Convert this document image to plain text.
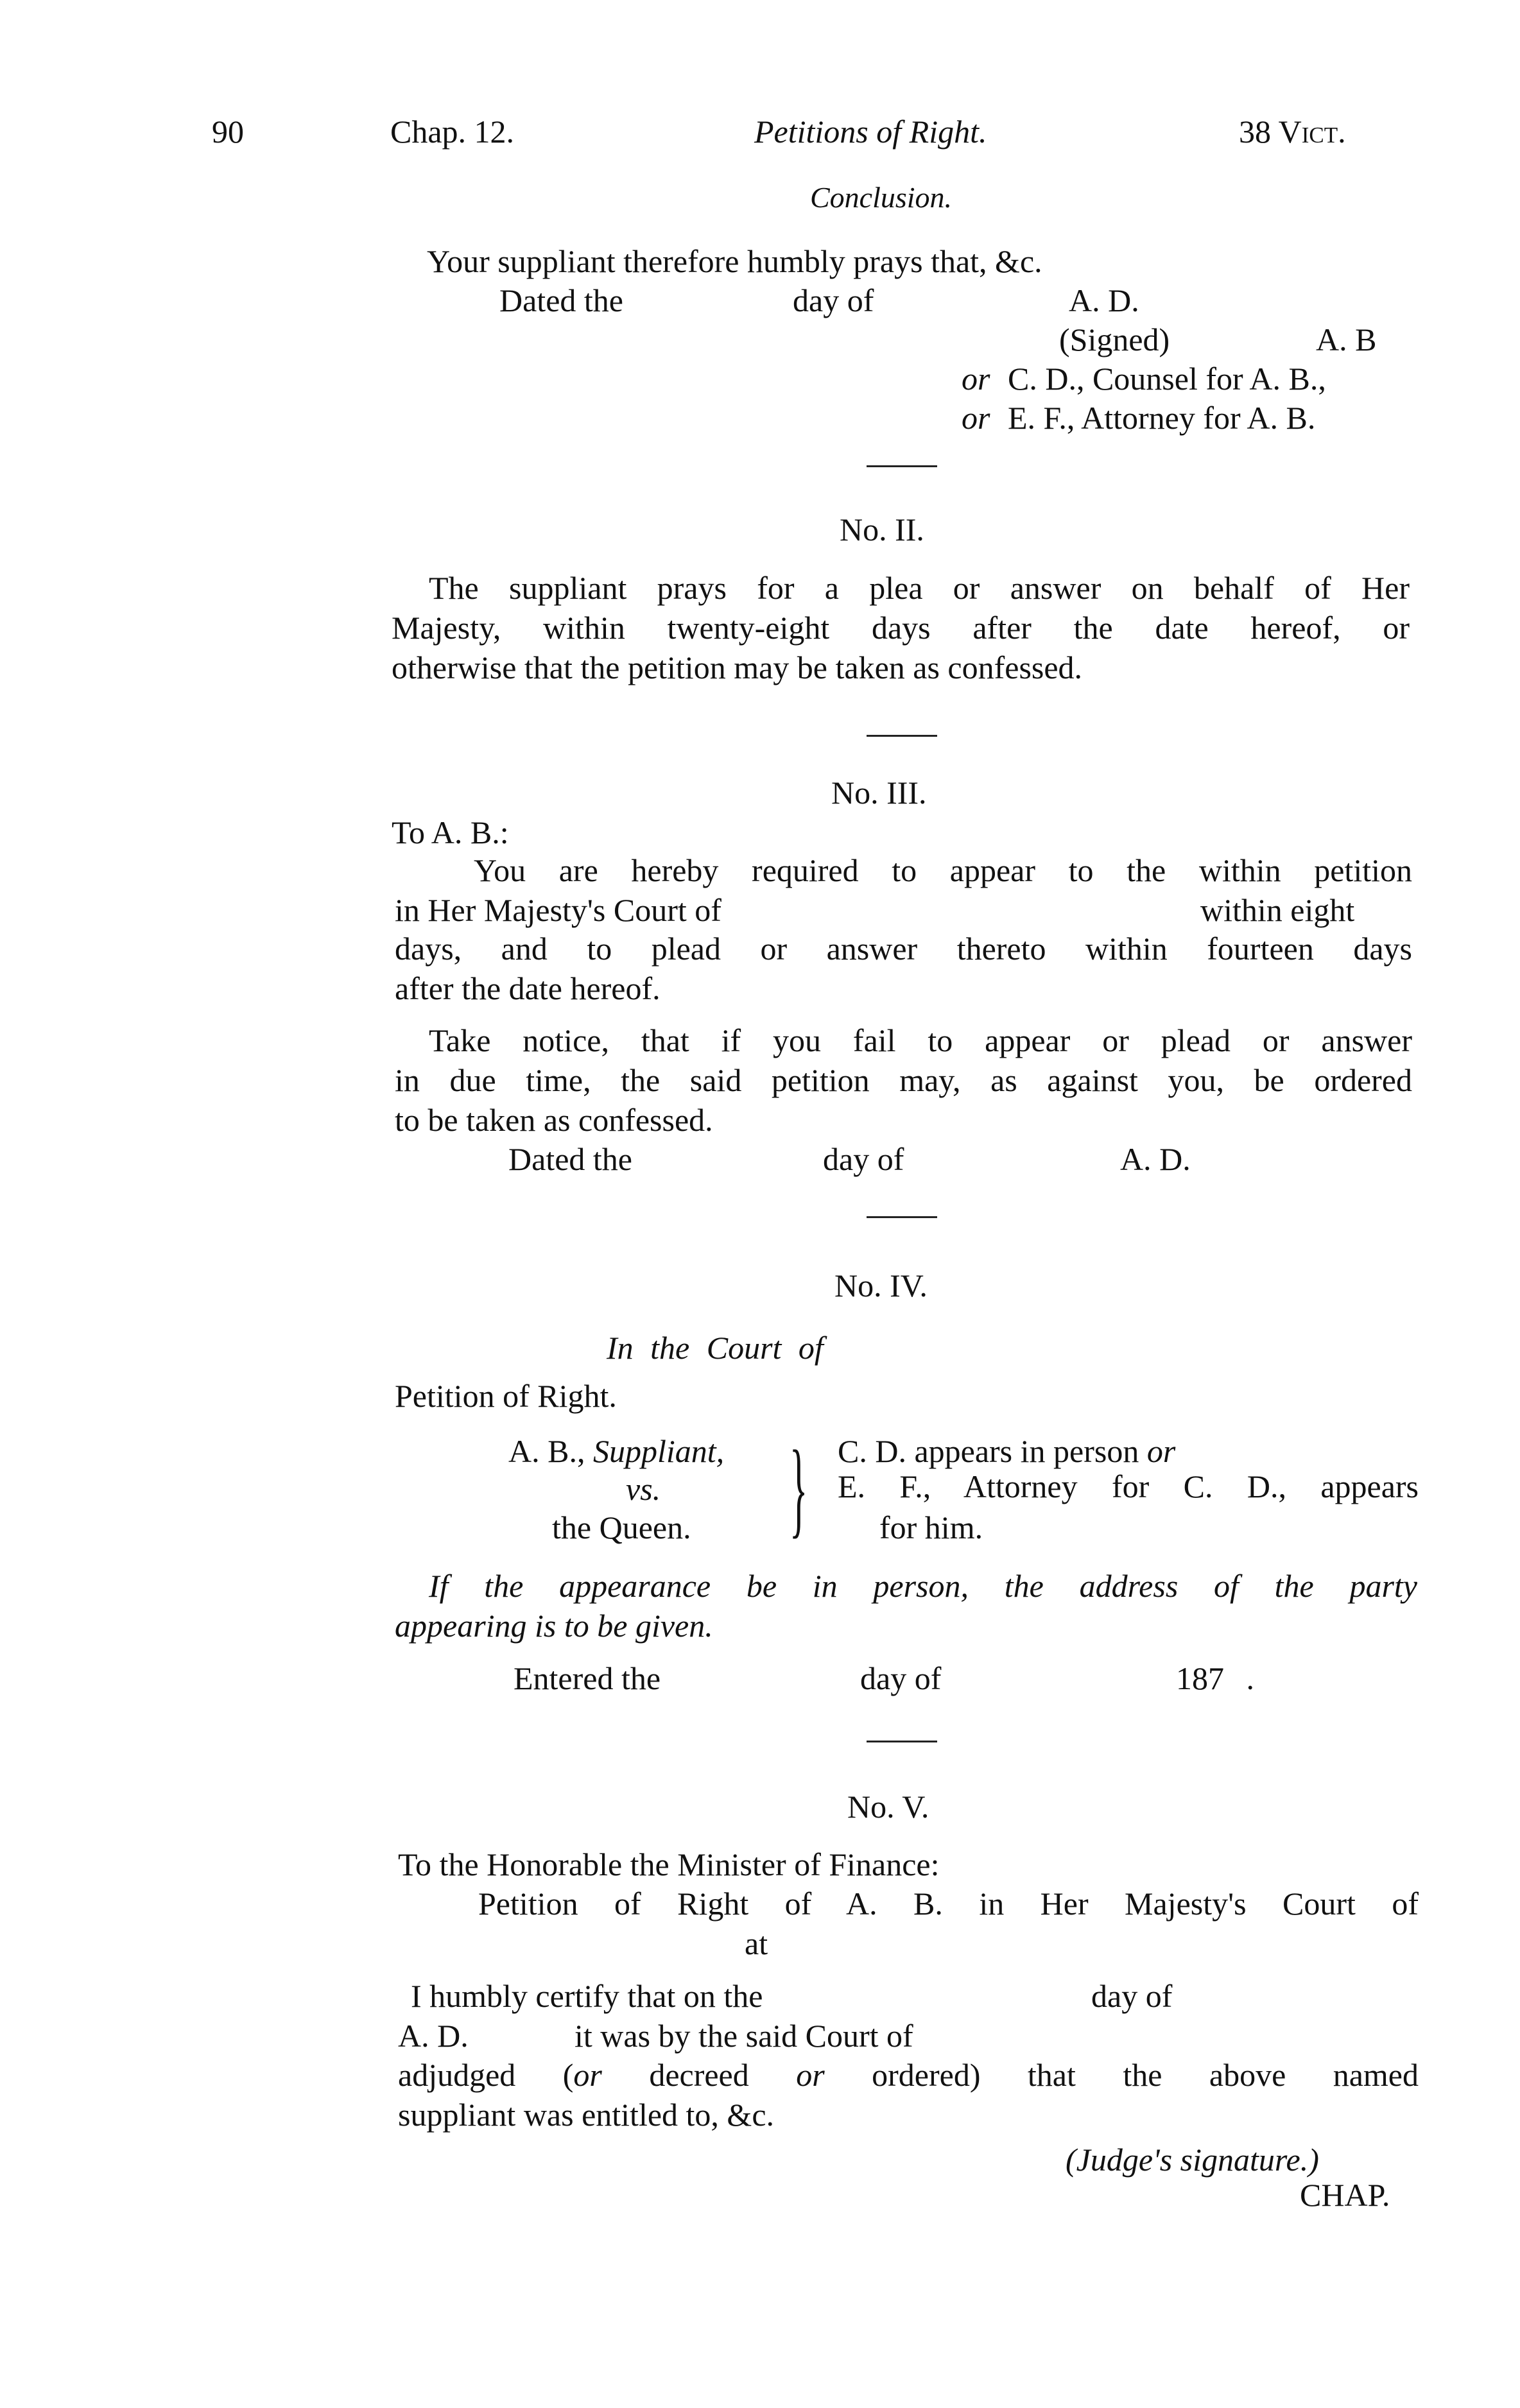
90	Chap. 12.	Petitions of Right.	38 Vict.
Conclusion.
Your suppliant therefore humbly prays that, &c.
Dated the	day of	A. D.
(Signed)	A. B
or C. D., Counsel for A. B.,
or E. F., Attorney for A. B.
No. II.
The suppliant prays for a plea or answer on behalf of Her
Majesty, within twenty-eight days after the date hereof, or
otherwise that the petition may be taken as confessed.
No. III.
To A. B.:
You are hereby required to appear to the within petition
in Her Majesty's Court of	within eight
days, and to plead or answer thereto within fourteen days
after the date hereof.
Take notice, that if you fail to appear or plead or answer
in due time, the said petition may, as against you, be ordered
to be taken as confessed.
Dated the	day of	A. D.
No. IV.
In the Court of
Petition of Right.
A. B., Suppliant,
vs.
the Queen. } C. D. appears in person or
E. F., Attorney for C. D., appears
for him.
If the appearance be in person, the address of the party
appearing is to be given.
Entered the	day of	187 .
No. V.
To the Honorable the Minister of Finance:
Petition of Right of A. B. in Her Majesty's Court of
at
I humbly certify that on the	day of
A. D.	it was by the said Court of
adjudged (or decreed or ordered) that the above named
suppliant was entitled to, &c.
(Judge's signature.)
CHAP.
